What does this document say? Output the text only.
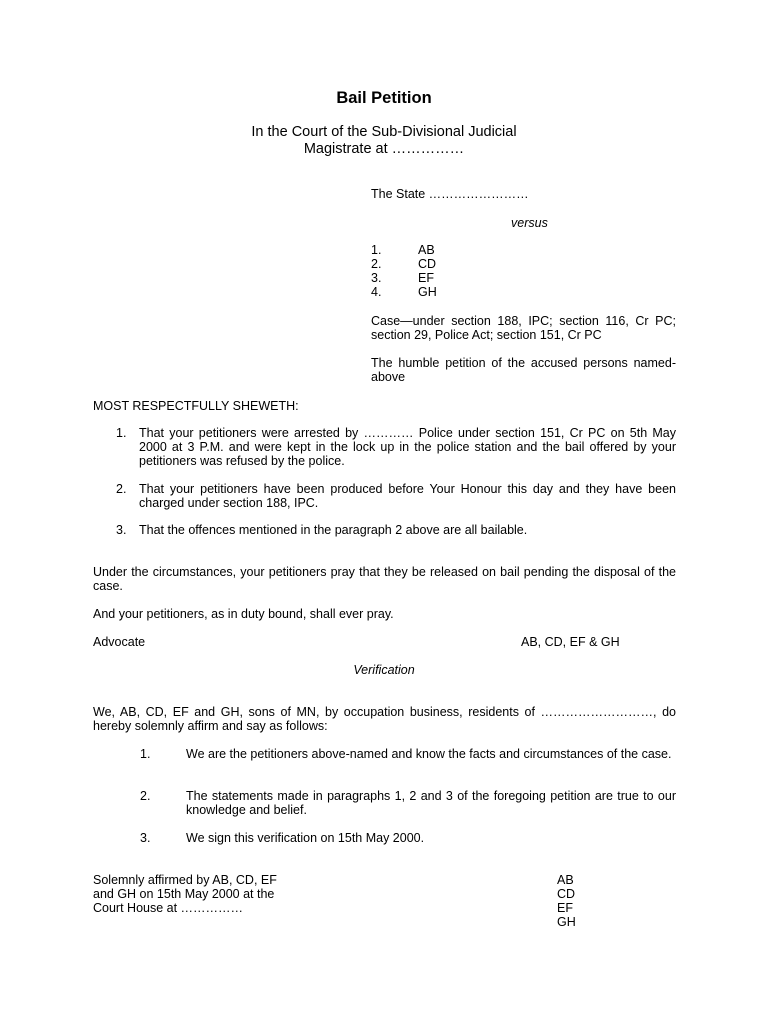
Bail Petition
In the Court of the Sub-Divisional Judicial
Magistrate at ……………
The State ……………………
versus
1.	AB
2.	CD
3.	EF
4.	GH
Case—under section 188, IPC; section 116, Cr PC; section 29, Police Act; section 151, Cr PC
The humble petition of the accused persons named-above
MOST RESPECTFULLY SHEWETH:
1. That your petitioners were arrested by ………… Police under section 151, Cr PC on 5th May 2000 at 3 P.M. and were kept in the lock up in the police station and the bail offered by your petitioners was refused by the police.
2. That your petitioners have been produced before Your Honour this day and they have been charged under section 188, IPC.
3. That the offences mentioned in the paragraph 2 above are all bailable.
Under the circumstances, your petitioners pray that they be released on bail pending the disposal of the case.
And your petitioners, as in duty bound, shall ever pray.
Advocate	AB, CD, EF & GH
Verification
We, AB, CD, EF and GH, sons of MN, by occupation business, residents of ………………………, do hereby solemnly affirm and say as follows:
1.	We are the petitioners above-named and know the facts and circumstances of the case.
2.	The statements made in paragraphs 1, 2 and 3 of the foregoing petition are true to our knowledge and belief.
3.	We sign this verification on 15th May 2000.
Solemnly affirmed by AB, CD, EF
and GH on 15th May 2000 at the
Court House at ……………
AB
CD
EF
GH
